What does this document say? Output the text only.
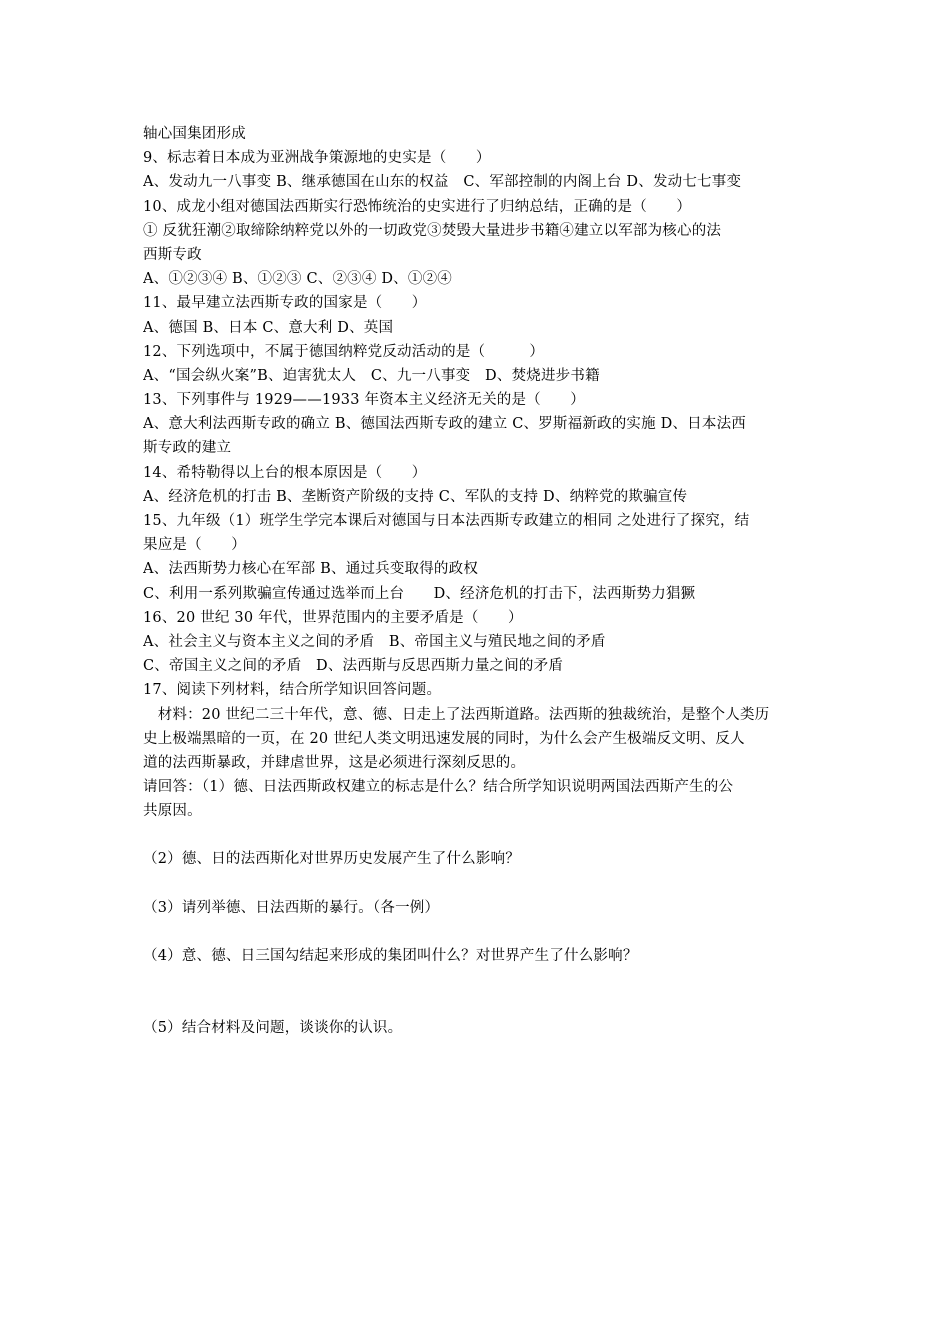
轴心国集团形成
9、标志着日本成为亚洲战争策源地的史实是（　　）
A、发动九一八事变 B、继承德国在山东的权益　C、军部控制的内阁上台 D、发动七七事变
10、成龙小组对德国法西斯实行恐怖统治的史实进行了归纳总结，正确的是（　　）
① 反犹狂潮②取缔除纳粹党以外的一切政党③焚毁大量进步书籍④建立以军部为核心的法
西斯专政
A、①②③④ B、①②③ C、②③④ D、①②④
11、最早建立法西斯专政的国家是（　　）
A、德国 B、日本 C、意大利 D、英国
12、下列选项中，不属于德国纳粹党反动活动的是（　　　）
A、“国会纵火案”B、迫害犹太人　C、九一八事变　D、焚烧进步书籍
13、下列事件与 1929——1933 年资本主义经济无关的是（　　）
A、意大利法西斯专政的确立 B、德国法西斯专政的建立 C、罗斯福新政的实施 D、日本法西
斯专政的建立
14、希特勒得以上台的根本原因是（　　）
A、经济危机的打击 B、垄断资产阶级的支持 C、军队的支持 D、纳粹党的欺骗宣传
15、九年级（1）班学生学完本课后对德国与日本法西斯专政建立的相同 之处进行了探究，结
果应是（　　）
A、法西斯势力核心在军部 B、通过兵变取得的政权
C、利用一系列欺骗宣传通过选举而上台　　D、经济危机的打击下，法西斯势力猖獗
16、20 世纪 30 年代，世界范围内的主要矛盾是（　　）
A、社会主义与资本主义之间的矛盾　B、帝国主义与殖民地之间的矛盾
C、帝国主义之间的矛盾　D、法西斯与反思西斯力量之间的矛盾
17、阅读下列材料，结合所学知识回答问题。
　材料：20 世纪二三十年代，意、德、日走上了法西斯道路。法西斯的独裁统治，是整个人类历
史上极端黑暗的一页，在 20 世纪人类文明迅速发展的同时，为什么会产生极端反文明、反人
道的法西斯暴政，并肆虐世界，这是必须进行深刻反思的。
请回答：（1）德、日法西斯政权建立的标志是什么？结合所学知识说明两国法西斯产生的公
共原因。
（2）德、日的法西斯化对世界历史发展产生了什么影响？
（3）请列举德、日法西斯的暴行。（各一例）
（4）意、德、日三国勾结起来形成的集团叫什么？对世界产生了什么影响？
（5）结合材料及问题，谈谈你的认识。
